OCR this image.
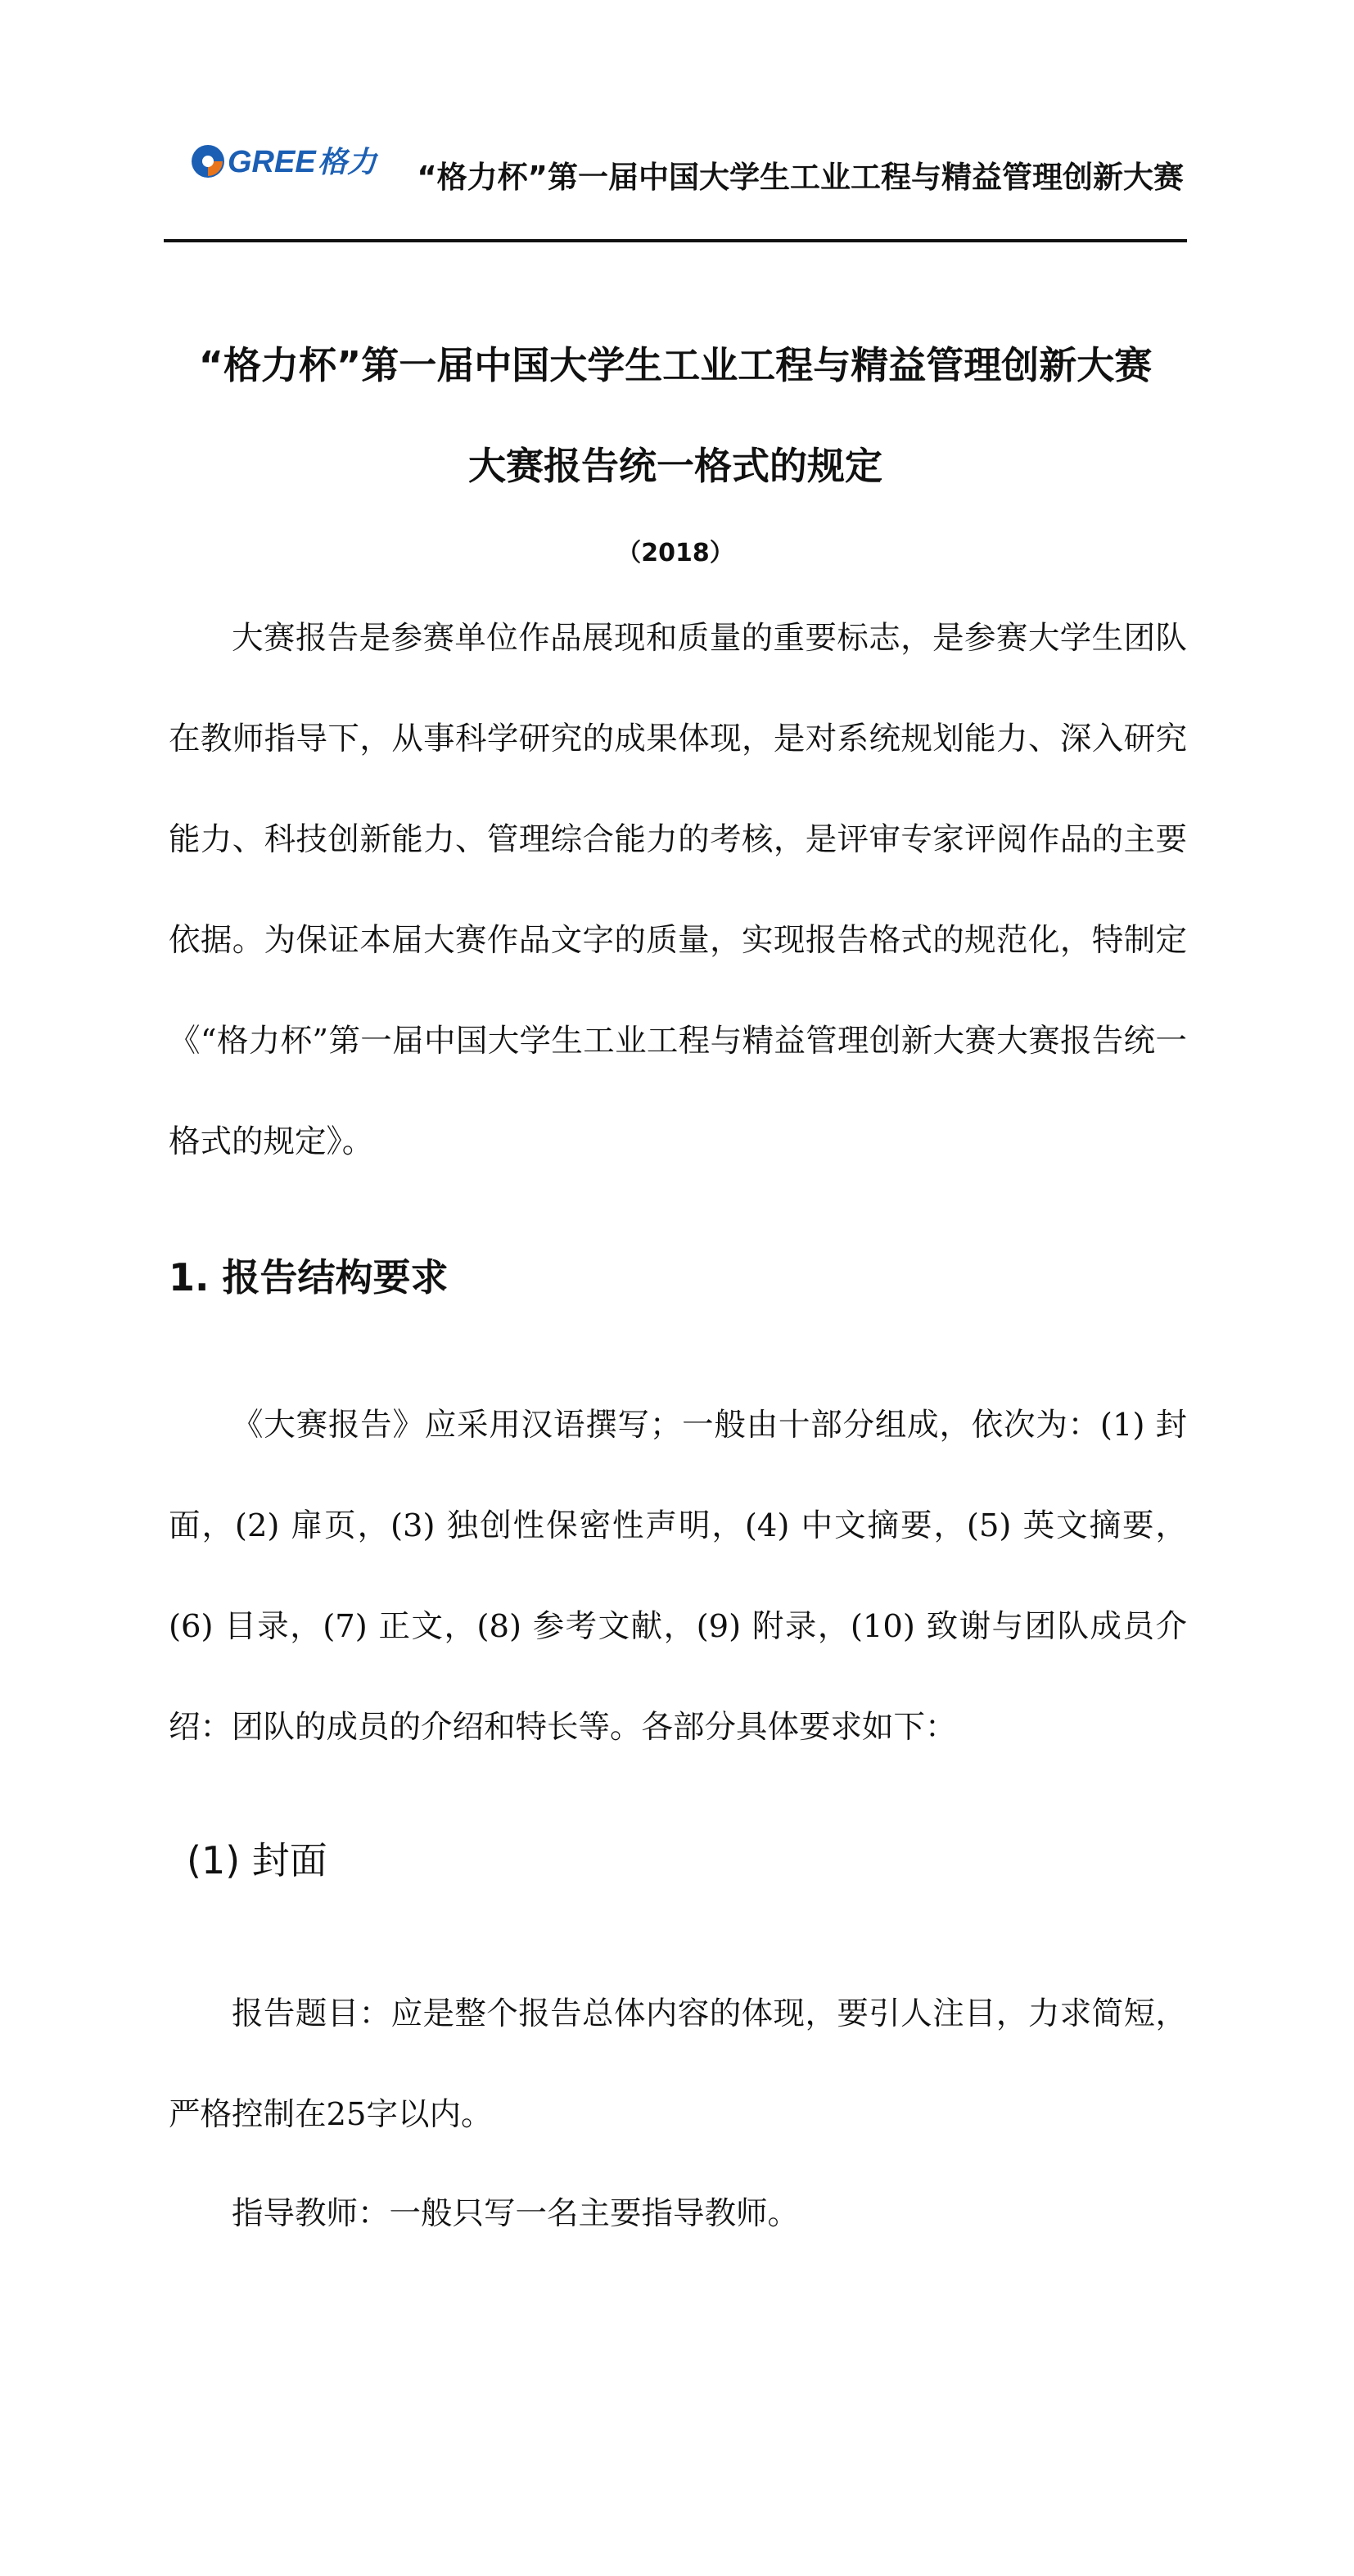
GREE 格力 “格力杯”第一届中国大学生工业工程与精益管理创新大赛
“格力杯”第一届中国大学生工业工程与精益管理创新大赛
大赛报告统一格式的规定
（2018）

大赛报告是参赛单位作品展现和质量的重要标志，是参赛大学生团队在教师指导下，从事科学研究的成果体现，是对系统规划能力、深入研究能力、科技创新能力、管理综合能力的考核，是评审专家评阅作品的主要依据。为保证本届大赛作品文字的质量，实现报告格式的规范化，特制定《“格力杯”第一届中国大学生工业工程与精益管理创新大赛大赛报告统一格式的规定》。

1. 报告结构要求

《大赛报告》应采用汉语撰写；一般由十部分组成，依次为：(1) 封面，(2) 扉页，(3) 独创性保密性声明，(4) 中文摘要，(5) 英文摘要，(6) 目录，(7) 正文，(8) 参考文献，(9) 附录，(10) 致谢与团队成员介绍：团队的成员的介绍和特长等。各部分具体要求如下：

(1) 封面

报告题目：应是整个报告总体内容的体现，要引人注目，力求简短，严格控制在25字以内。

指导教师：一般只写一名主要指导教师。
